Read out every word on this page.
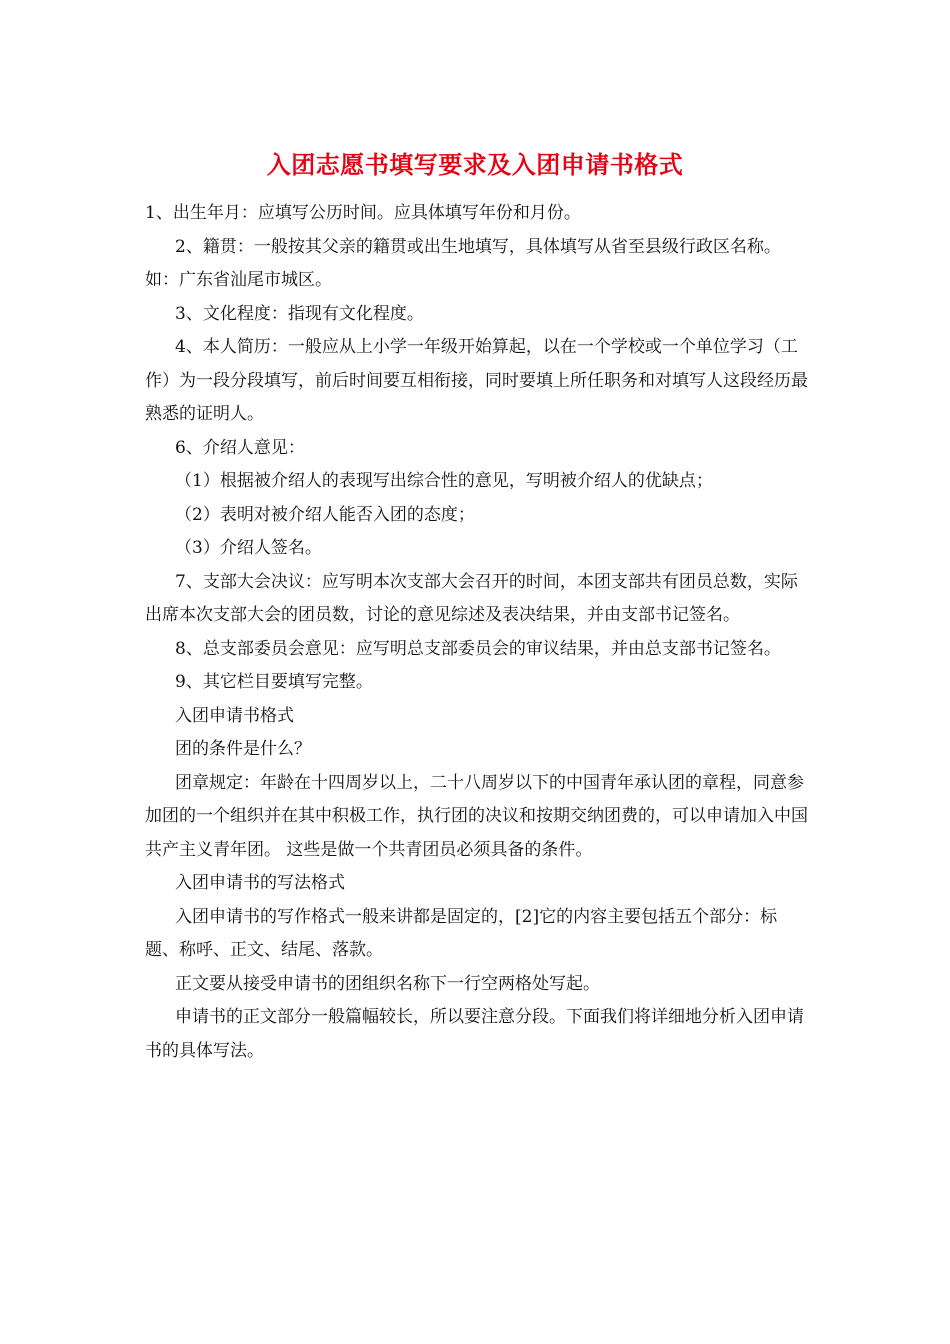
入团志愿书填写要求及入团申请书格式

1、出生年月：应填写公历时间。应具体填写年份和月份。

2、籍贯：一般按其父亲的籍贯或出生地填写，具体填写从省至县级行政区名称。如：广东省汕尾市城区。

3、文化程度：指现有文化程度。

4、本人简历：一般应从上小学一年级开始算起，以在一个学校或一个单位学习（工作）为一段分段填写，前后时间要互相衔接，同时要填上所任职务和对填写人这段经历最熟悉的证明人。

6、介绍人意见：

（1）根据被介绍人的表现写出综合性的意见，写明被介绍人的优缺点；

（2）表明对被介绍人能否入团的态度；

（3）介绍人签名。

7、支部大会决议：应写明本次支部大会召开的时间，本团支部共有团员总数，实际出席本次支部大会的团员数，讨论的意见综述及表决结果，并由支部书记签名。

8、总支部委员会意见：应写明总支部委员会的审议结果，并由总支部书记签名。

9、其它栏目要填写完整。

入团申请书格式

团的条件是什么？

团章规定：年龄在十四周岁以上，二十八周岁以下的中国青年承认团的章程，同意参加团的一个组织并在其中积极工作，执行团的决议和按期交纳团费的，可以申请加入中国共产主义青年团。 这些是做一个共青团员必须具备的条件。

入团申请书的写法格式

入团申请书的写作格式一般来讲都是固定的，[2]它的内容主要包括五个部分：标题、称呼、正文、结尾、落款。

正文要从接受申请书的团组织名称下一行空两格处写起。

申请书的正文部分一般篇幅较长，所以要注意分段。下面我们将详细地分析入团申请书的具体写法。
